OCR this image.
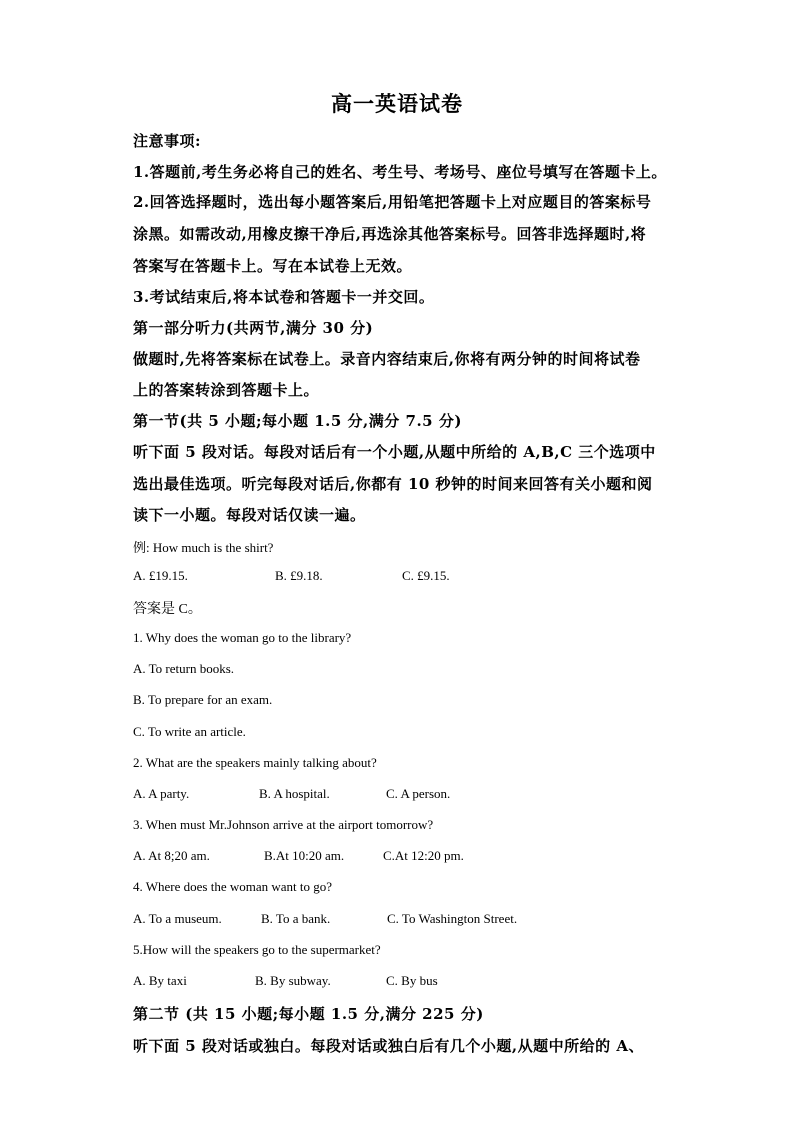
高一英语试卷
注意事项:
1.答题前,考生务必将自己的姓名、考生号、考场号、座位号填写在答题卡上。
2.回答选择题时，选出每小题答案后,用铅笔把答题卡上对应题目的答案标号
涂黑。如需改动,用橡皮擦干净后,再选涂其他答案标号。回答非选择题时,将
答案写在答题卡上。写在本试卷上无效。
3.考试结束后,将本试卷和答题卡一并交回。
第一部分听力(共两节,满分 30 分)
做题时,先将答案标在试卷上。录音内容结束后,你将有两分钟的时间将试卷
上的答案转涂到答题卡上。
第一节(共 5 小题;每小题 1.5 分,满分 7.5 分)
听下面 5 段对话。每段对话后有一个小题,从题中所给的 A,B,C 三个选项中
选出最佳选项。听完每段对话后,你都有 10 秒钟的时间来回答有关小题和阅
读下一小题。每段对话仅读一遍。
例: How much is the shirt?
A. £19.15.	B. £9.18.	C. £9.15.
答案是 C。
1. Why does the woman go to the library?
A. To return books.
B. To prepare for an exam.
C. To write an article.
2. What are the speakers mainly talking about?
A. A party.	B. A hospital.	C. A person.
3. When must Mr.Johnson arrive at the airport tomorrow?
A. At 8;20 am.	B.At 10:20 am.	C.At 12:20 pm.
4. Where does the woman want to go?
A. To a museum.	B. To a bank.	C. To Washington Street.
5.How will the speakers go to the supermarket?
A. By taxi	B. By subway.	C. By bus
第二节 (共 15 小题;每小题 1.5 分,满分 225 分)
听下面 5 段对话或独白。每段对话或独白后有几个小题,从题中所给的 A、
